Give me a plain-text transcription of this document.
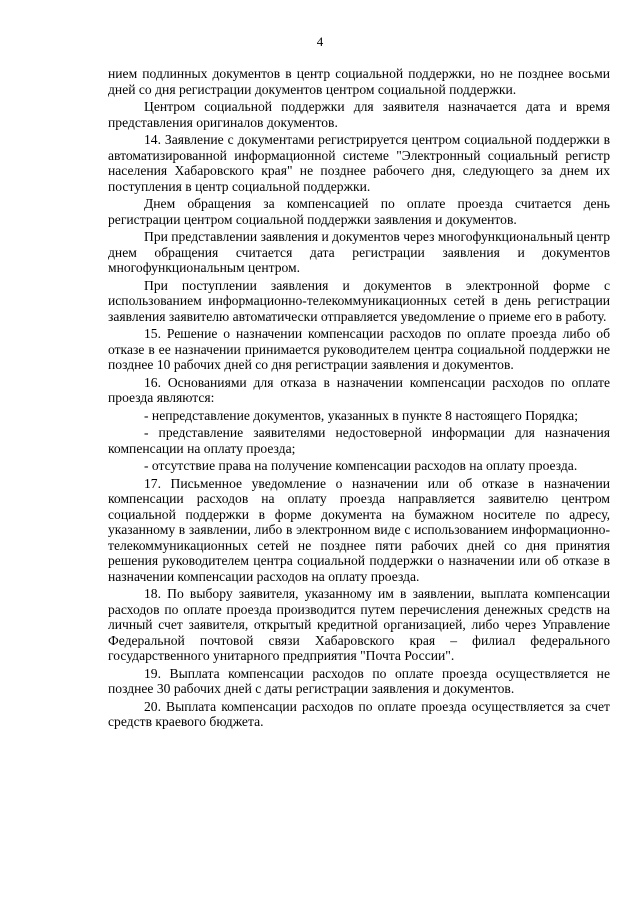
4

нием подлинных документов в центр социальной поддержки, но не позднее восьми дней со дня регистрации документов центром социальной поддержки.

Центром социальной поддержки для заявителя назначается дата и время представления оригиналов документов.

14. Заявление с документами регистрируется центром социальной поддержки в автоматизированной информационной системе "Электронный социальный регистр населения Хабаровского края" не позднее рабочего дня, следующего за днем их поступления в центр социальной поддержки.

Днем обращения за компенсацией по оплате проезда считается день регистрации центром социальной поддержки заявления и документов.

При представлении заявления и документов через многофункциональный центр днем обращения считается дата регистрации заявления и документов многофункциональным центром.

При поступлении заявления и документов в электронной форме с использованием информационно-телекоммуникационных сетей в день регистрации заявления заявителю автоматически отправляется уведомление о приеме его в работу.

15. Решение о назначении компенсации расходов по оплате проезда либо об отказе в ее назначении принимается руководителем центра социальной поддержки не позднее 10 рабочих дней со дня регистрации заявления и документов.

16. Основаниями для отказа в назначении компенсации расходов по оплате проезда являются:

- непредставление документов, указанных в пункте 8 настоящего Порядка;

- представление заявителями недостоверной информации для назначения компенсации на оплату проезда;

- отсутствие права на получение компенсации расходов на оплату проезда.

17. Письменное уведомление о назначении или об отказе в назначении компенсации расходов на оплату проезда направляется заявителю центром социальной поддержки в форме документа на бумажном носителе по адресу, указанному в заявлении, либо в электронном виде с использованием информационно-телекоммуникационных сетей не позднее пяти рабочих дней со дня принятия решения руководителем центра социальной поддержки о назначении или об отказе в назначении компенсации расходов на оплату проезда.

18. По выбору заявителя, указанному им в заявлении, выплата компенсации расходов по оплате проезда производится путем перечисления денежных средств на личный счет заявителя, открытый кредитной организацией, либо через Управление Федеральной почтовой связи Хабаровского края – филиал федерального государственного унитарного предприятия "Почта России".

19. Выплата компенсации расходов по оплате проезда осуществляется не позднее 30 рабочих дней с даты регистрации заявления и документов.

20. Выплата компенсации расходов по оплате проезда осуществляется за счет средств краевого бюджета.
